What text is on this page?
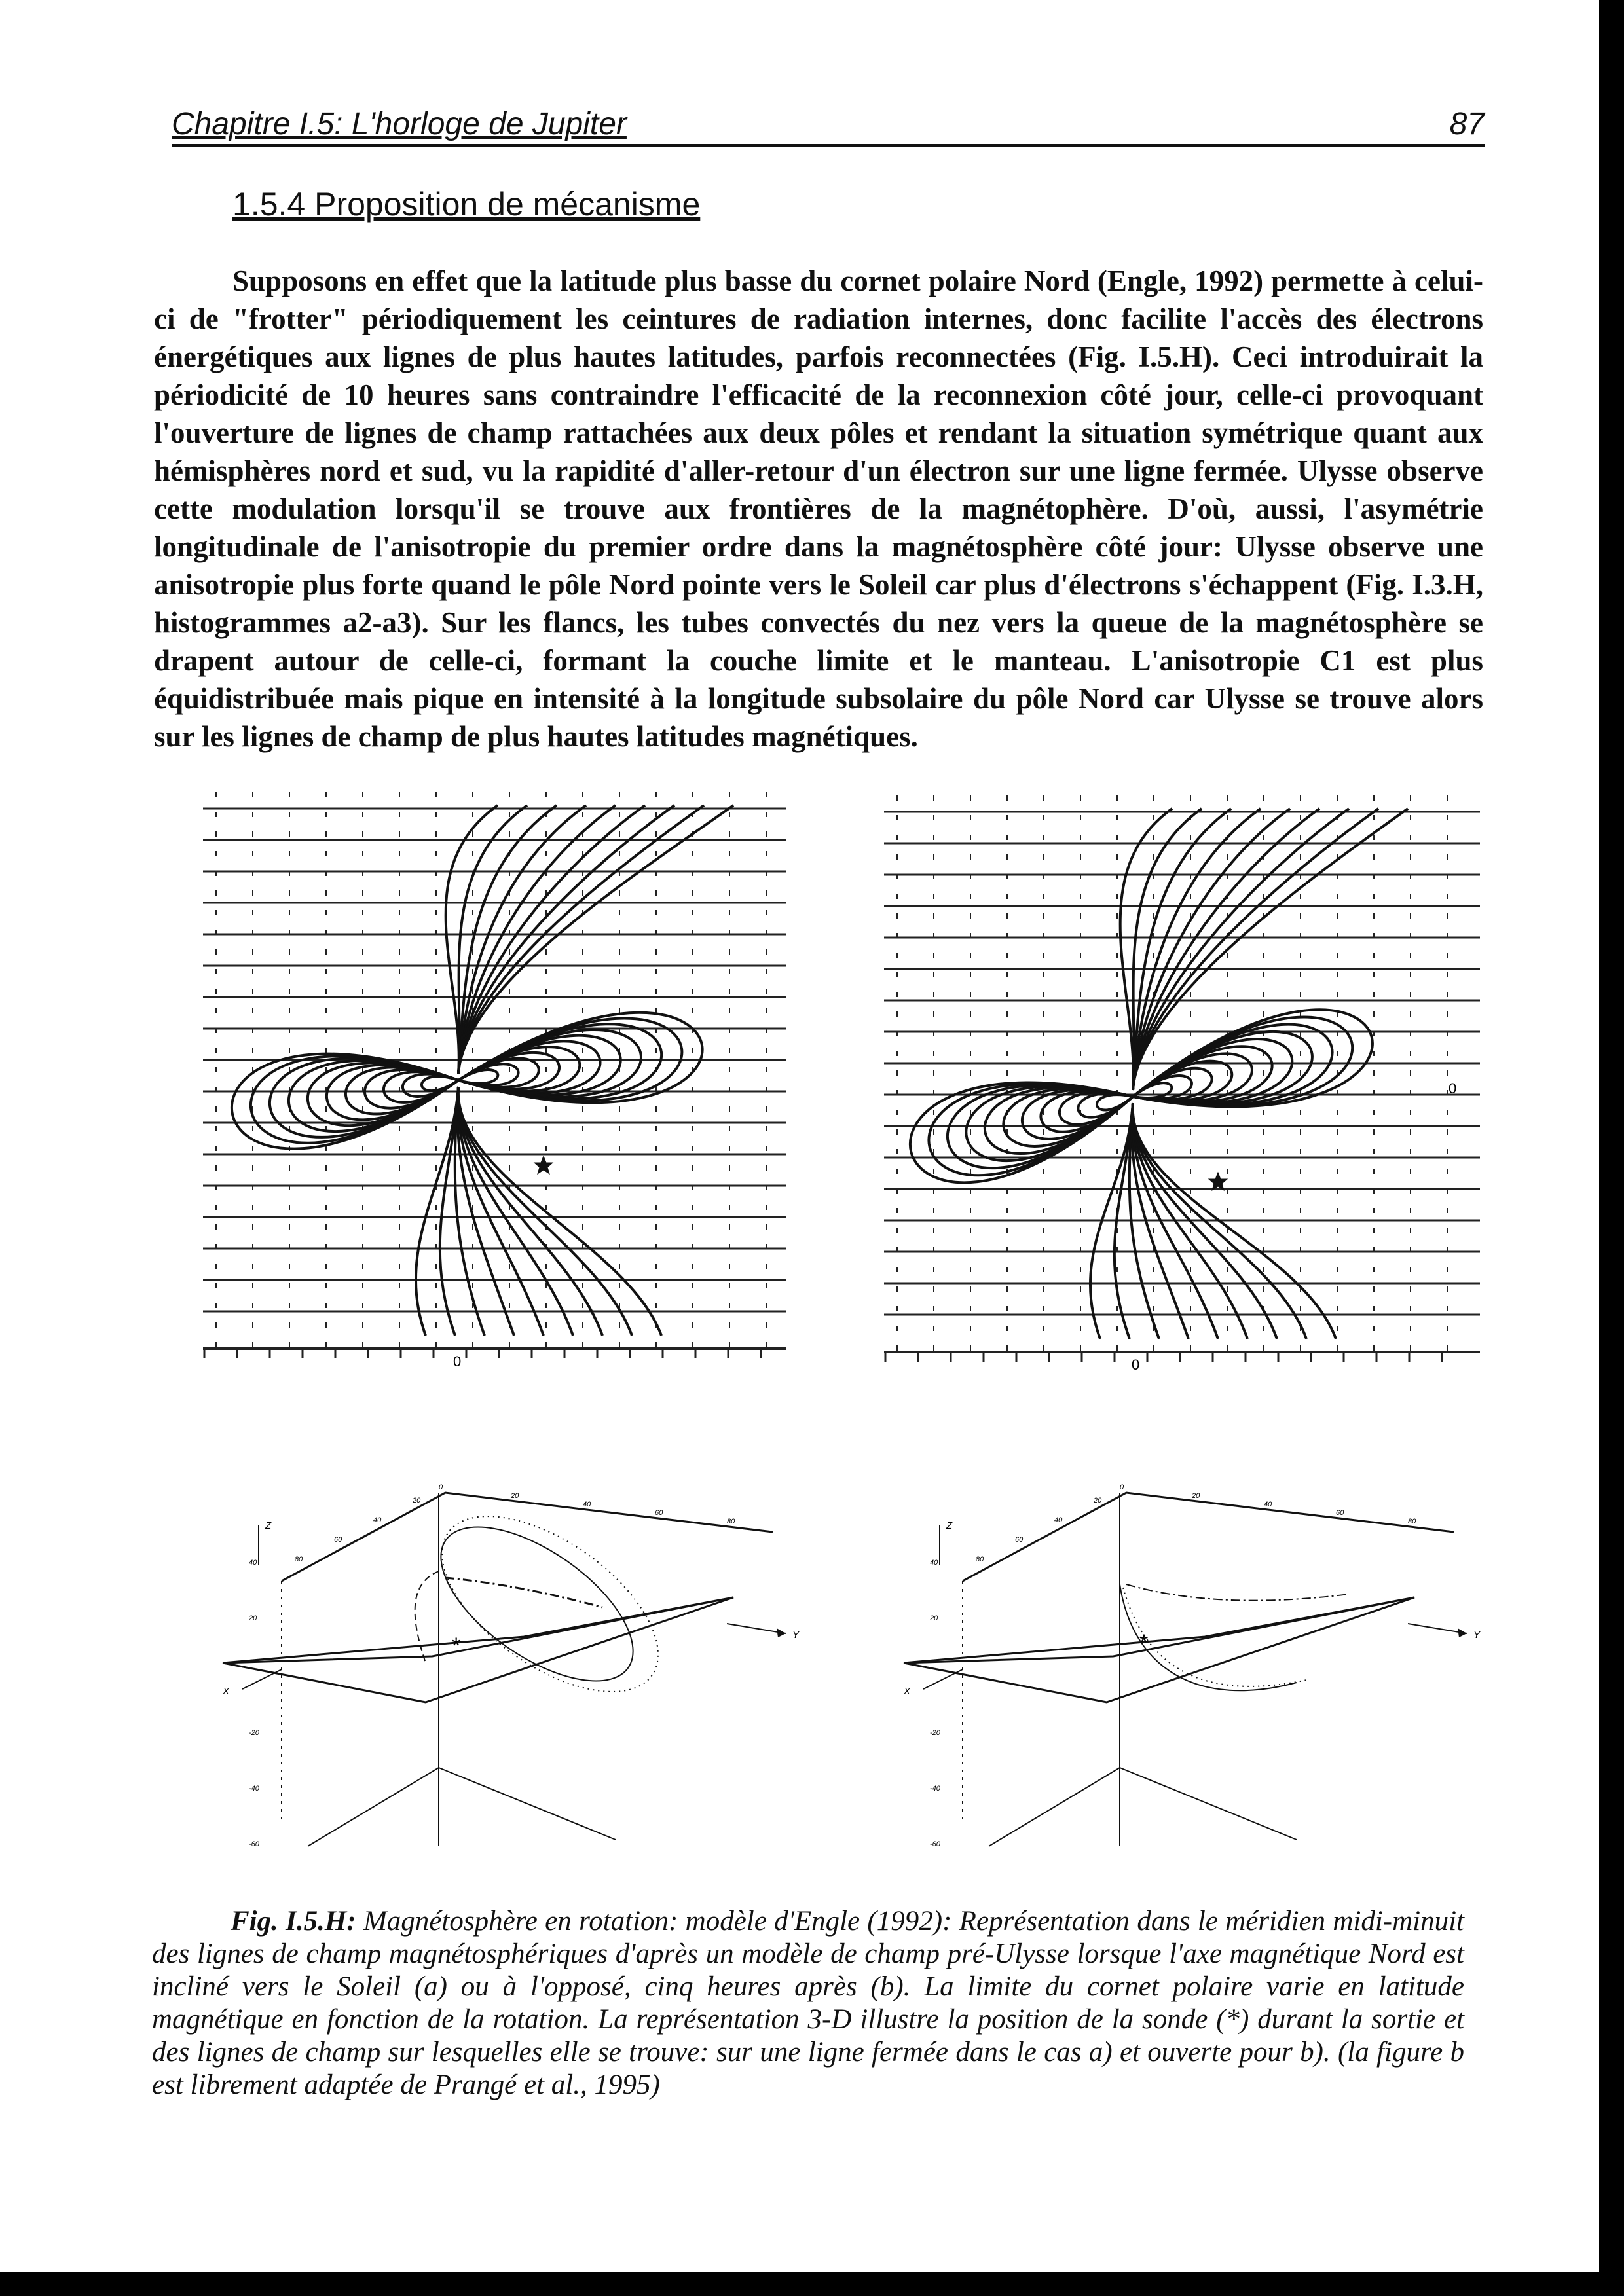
Chapitre I.5: L'horloge de Jupiter	87
1.5.4 Proposition de mécanisme

Supposons en effet que la latitude plus basse du cornet polaire Nord (Engle, 1992) permette à celui-ci de "frotter" périodiquement les ceintures de radiation internes, donc facilite l'accès des électrons énergétiques aux lignes de plus hautes latitudes, parfois reconnectées (Fig. I.5.H). Ceci introduirait la périodicité de 10 heures sans contraindre l'efficacité de la reconnexion côté jour, celle-ci provoquant l'ouverture de lignes de champ rattachées aux deux pôles et rendant la situation symétrique quant aux hémisphères nord et sud, vu la rapidité d'aller-retour d'un électron sur une ligne fermée. Ulysse observe cette modulation lorsqu'il se trouve aux frontières de la magnétophère. D'où, aussi, l'asymétrie longitudinale de l'anisotropie du premier ordre dans la magnétosphère côté jour: Ulysse observe une anisotropie plus forte quand le pôle Nord pointe vers le Soleil car plus d'électrons s'échappent (Fig. I.3.H, histogrammes a2-a3). Sur les flancs, les tubes convectés du nez vers la queue de la magnétosphère se drapent autour de celle-ci, formant la couche limite et le manteau. L'anisotropie C1 est plus équidistribuée mais pique en intensité à la longitude subsolaire du pôle Nord car Ulysse se trouve alors sur les lignes de champ de plus hautes latitudes magnétiques.

0	0
0
Y
X
Z
0
20
40
60
80
80
60
40
20
40
20
-20
-40
-60
*	Y
X
Z
0
20
40
60
80
80
60
40
20
40
20
-20
-40
-60
*

Fig. I.5.H: Magnétosphère en rotation: modèle d'Engle (1992): Représentation dans le méridien midi-minuit des lignes de champ magnétosphériques d'après un modèle de champ pré-Ulysse lorsque l'axe magnétique Nord est incliné vers le Soleil (a) ou à l'opposé, cinq heures après (b). La limite du cornet polaire varie en latitude magnétique en fonction de la rotation. La représentation 3-D illustre la position de la sonde (*) durant la sortie et des lignes de champ sur lesquelles elle se trouve: sur une ligne fermée dans le cas a) et ouverte pour b). (la figure b est librement adaptée de Prangé et al., 1995)
